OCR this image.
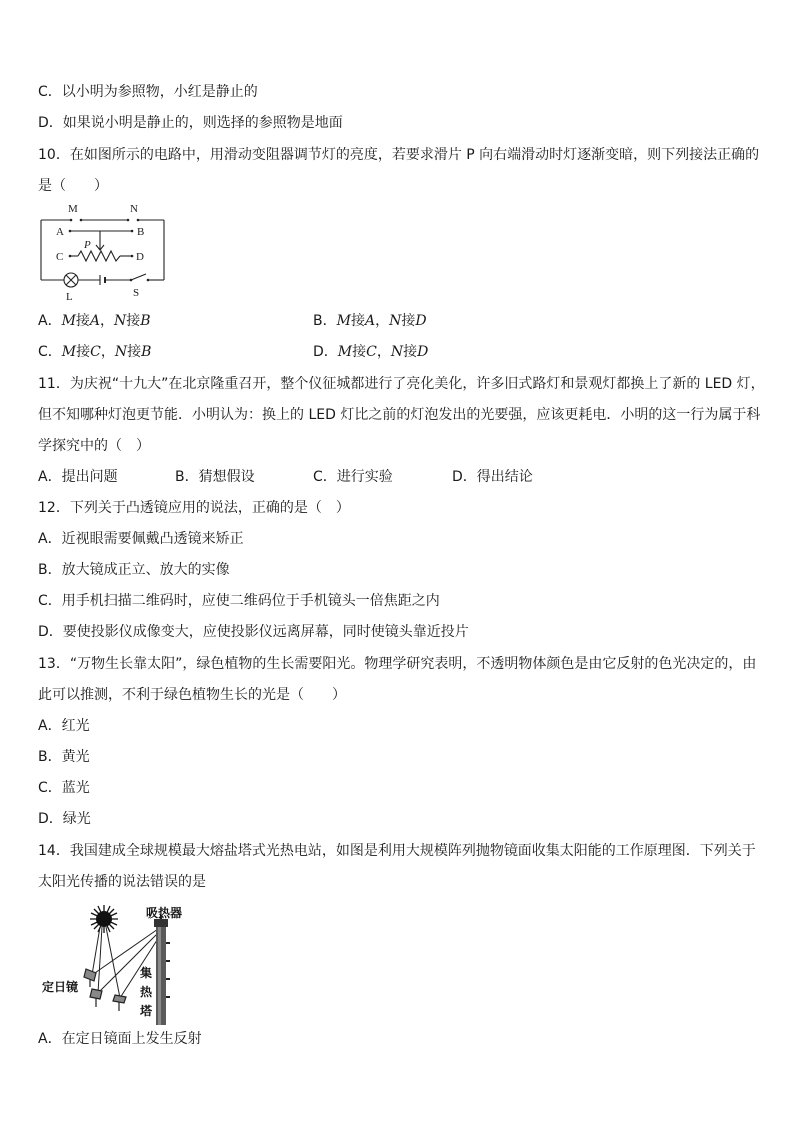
C．以小明为参照物，小红是静止的
D．如果说小明是静止的，则选择的参照物是地面
10．在如图所示的电路中，用滑动变阻器调节灯的亮度，若要求滑片 P 向右端滑动时灯逐渐变暗，则下列接法正确的
是（　　）
M	N
A	B
P
C	D
L	S
A．M接A，N接B	B．M接A，N接D
C．M接C，N接B	D．M接C，N接D
11．为庆祝“十九大”在北京隆重召开，整个仪征城都进行了亮化美化，许多旧式路灯和景观灯都换上了新的 LED 灯，
但不知哪种灯泡更节能．小明认为：换上的 LED 灯比之前的灯泡发出的光要强，应该更耗电．小明的这一行为属于科
学探究中的（　）
A．提出问题	B．猜想假设	C．进行实验	D．得出结论
12．下列关于凸透镜应用的说法，正确的是（　）
A．近视眼需要佩戴凸透镜来矫正
B．放大镜成正立、放大的实像
C．用手机扫描二维码时，应使二维码位于手机镜头一倍焦距之内
D．要使投影仪成像变大，应使投影仪远离屏幕，同时使镜头靠近投片
13．“万物生长靠太阳”，绿色植物的生长需要阳光。物理学研究表明，不透明物体颜色是由它反射的色光决定的，由
此可以推测，不利于绿色植物生长的光是（　　）
A．红光
B．黄光
C．蓝光
D．绿光
14．我国建成全球规模最大熔盐塔式光热电站，如图是利用大规模阵列抛物镜面收集太阳能的工作原理图．下列关于
太阳光传播的说法错误的是
吸热器
定日镜
集
热
塔
A．在定日镜面上发生反射
